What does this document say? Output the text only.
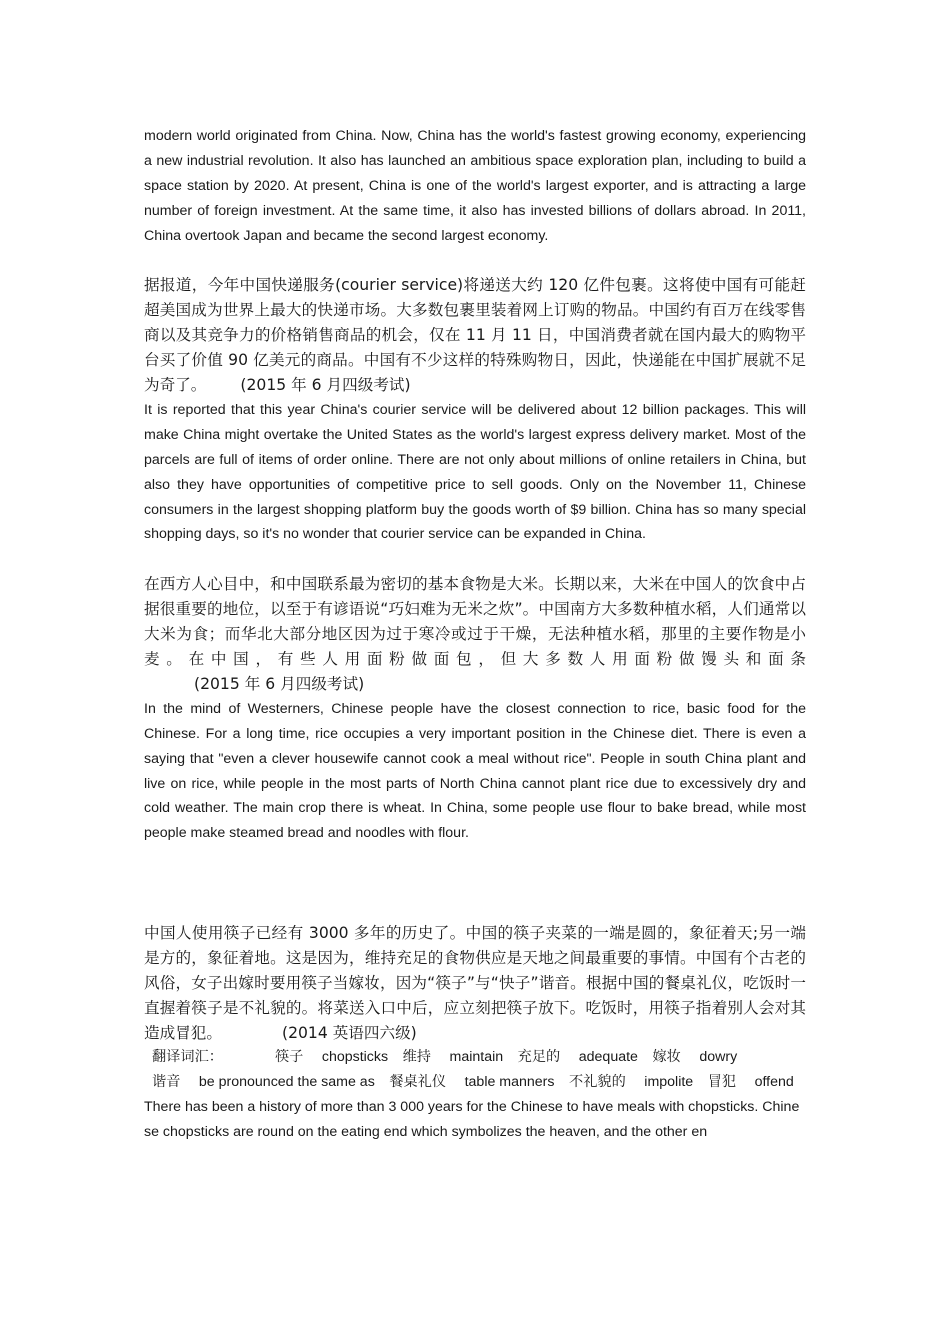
modern world originated from China. Now, China has the world's fastest growing economy, experiencing a new industrial revolution. It also has launched an ambitious space exploration plan, including to build a space station by 2020. At present, China is one of the world's largest exporter, and is attracting a large number of foreign investment. At the same time, it also has invested billions of dollars abroad. In 2011, China overtook Japan and became the second largest economy.

据报道，今年中国快递服务(courier service)将递送大约 120 亿件包裹。这将使中国有可能赶超美国成为世界上最大的快递市场。大多数包裹里装着网上订购的物品。中国约有百万在线零售商以及其竞争力的价格销售商品的机会，仅在 11 月 11 日，中国消费者就在国内最大的购物平台买了价值 90 亿美元的商品。中国有不少这样的特殊购物日，因此，快递能在中国扩展就不足为奇了。 (2015 年 6 月四级考试)

It is reported that this year China's courier service will be delivered about 12 billion packages. This will make China might overtake the United States as the world's largest express delivery market. Most of the parcels are full of items of order online. There are not only about millions of online retailers in China, but also they have opportunities of competitive price to sell goods. Only on the November 11, Chinese consumers in the largest shopping platform buy the goods worth of $9 billion. China has so many special shopping days, so it's no wonder that courier service can be expanded in China.

在西方人心目中，和中国联系最为密切的基本食物是大米。长期以来，大米在中国人的饮食中占据很重要的地位，以至于有谚语说“巧妇难为无米之炊”。中国南方大多数种植水稻，人们通常以大米为食；而华北大部分地区因为过于寒冷或过于干燥，无法种植水稻，那里的主要作物是小麦。在中国，有些人用面粉做面包，但大多数人用面粉做馒头和面条(2015 年 6 月四级考试)

In the mind of Westerners, Chinese people have the closest connection to rice, basic food for the Chinese. For a long time, rice occupies a very important position in the Chinese diet. There is even a saying that "even a clever housewife cannot cook a meal without rice". People in south China plant and live on rice, while people in the most parts of North China cannot plant rice due to excessively dry and cold weather. The main crop there is wheat. In China, some people use flour to bake bread, while most people make steamed bread and noodles with flour.

中国人使用筷子已经有 3000 多年的历史了。中国的筷子夹菜的一端是圆的，象征着天;另一端是方的，象征着地。这是因为，维持充足的食物供应是天地之间最重要的事情。中国有个古老的风俗，女子出嫁时要用筷子当嫁妆，因为“筷子”与“快子”谐音。根据中国的餐桌礼仪，吃饭时一直握着筷子是不礼貌的。将菜送入口中后，应立刻把筷子放下。吃饭时，用筷子指着别人会对其造成冒犯。	(2014 英语四六级)

翻译词汇：	筷子 chopsticks 维持 maintain 充足的 adequate 嫁妆 dowry
谐音 be pronounced the same as 餐桌礼仪 table manners 不礼貌的 impolite 冒犯 offend

There has been a history of more than 3 000 years for the Chinese to have meals with chopsticks. Chinese chopsticks are round on the eating end which symbolizes the heaven, and the other en
